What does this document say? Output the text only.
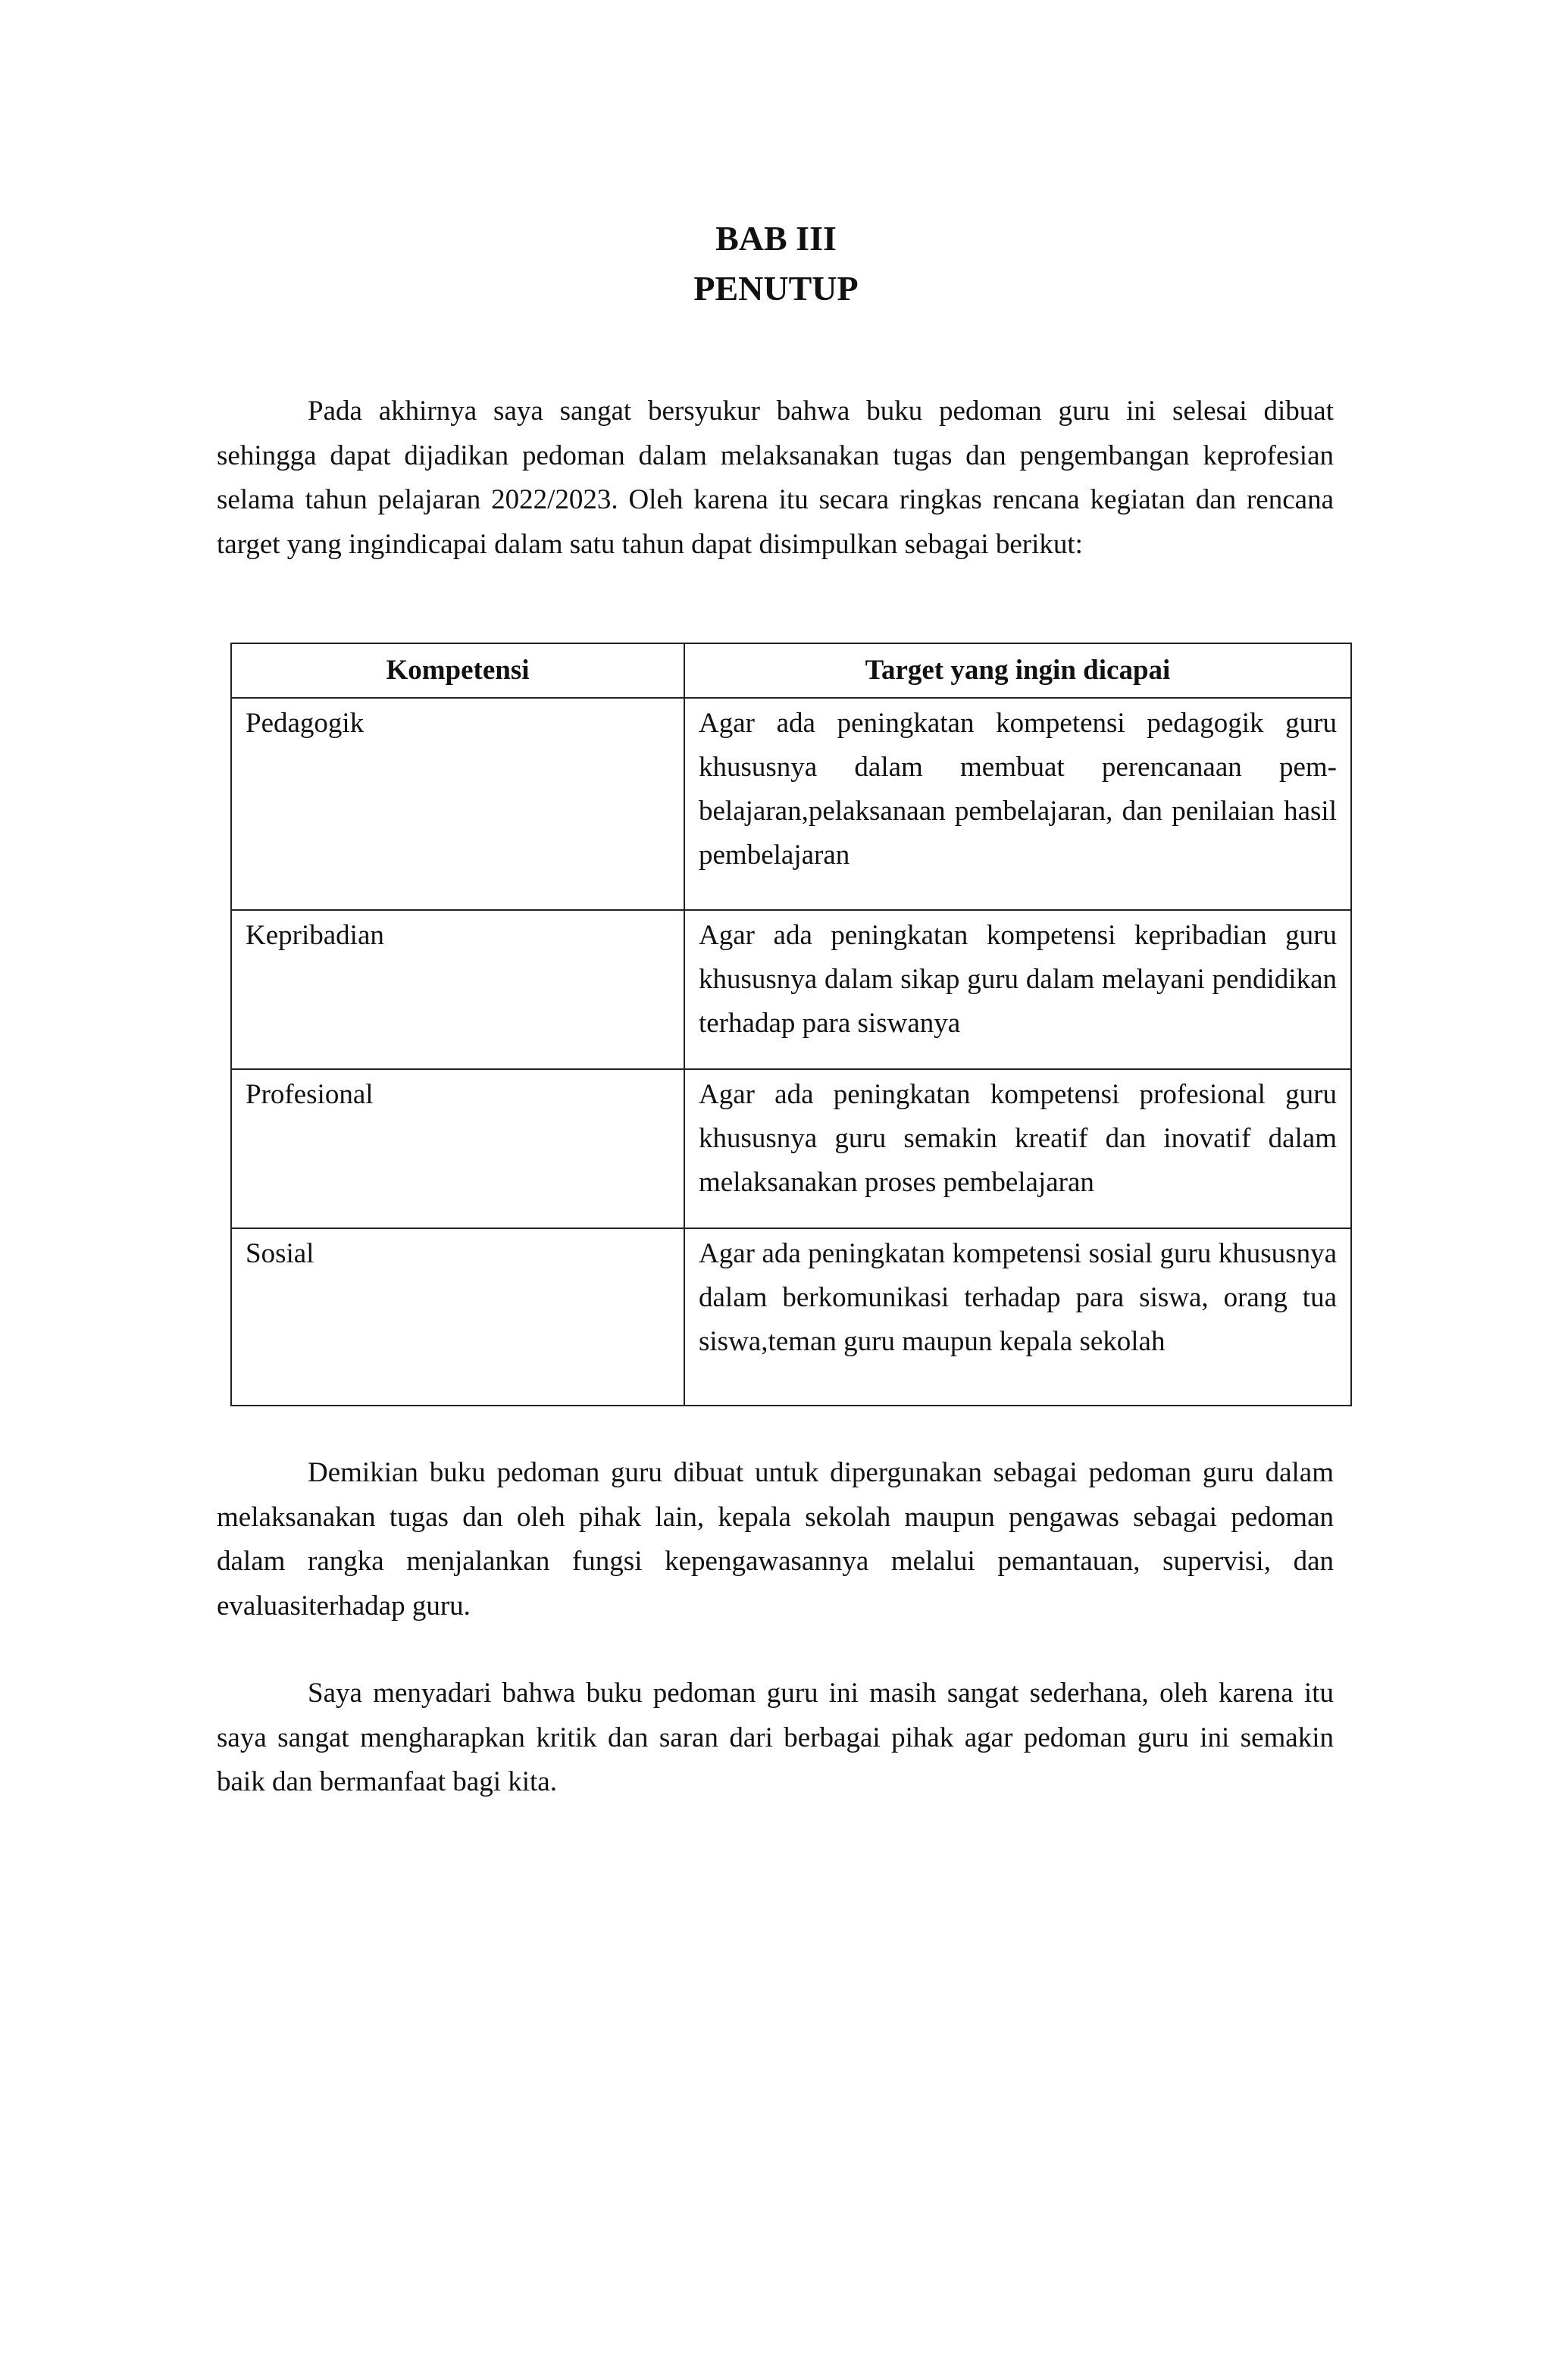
BAB III
PENUTUP

Pada akhirnya saya sangat bersyukur bahwa buku pedoman guru ini selesai dibuat sehingga dapat dijadikan pedoman dalam melaksanakan tugas dan pengembangan keprofesian selama tahun pelajaran 2022/2023. Oleh karena itu secara ringkas rencana kegiatan dan rencana target yang ingindicapai dalam satu tahun dapat disimpulkan sebagai berikut:

Kompetensi	Target yang ingin dicapai
Pedagogik	Agar ada peningkatan kompetensi pedagogik guru khususnya dalam membuat perencanaan pem-belajaran,pelaksanaan pembelajaran, dan penilaian hasil pembelajaran
Kepribadian	Agar ada peningkatan kompetensi kepribadian guru khususnya dalam sikap guru dalam melayani pendidikan terhadap para siswanya
Profesional	Agar ada peningkatan kompetensi profesional guru khususnya guru semakin kreatif dan inovatif dalam melaksanakan proses pembelajaran
Sosial	Agar ada peningkatan kompetensi sosial guru khususnya dalam berkomunikasi terhadap para siswa, orang tua siswa,teman guru maupun kepala sekolah

Demikian buku pedoman guru dibuat untuk dipergunakan sebagai pedoman guru dalam melaksanakan tugas dan oleh pihak lain, kepala sekolah maupun pengawas sebagai pedoman dalam rangka menjalankan fungsi kepengawasannya melalui pemantauan, supervisi, dan evaluasiterhadap guru.

Saya menyadari bahwa buku pedoman guru ini masih sangat sederhana, oleh karena itu saya sangat mengharapkan kritik dan saran dari berbagai pihak agar pedoman guru ini semakin baik dan bermanfaat bagi kita.
